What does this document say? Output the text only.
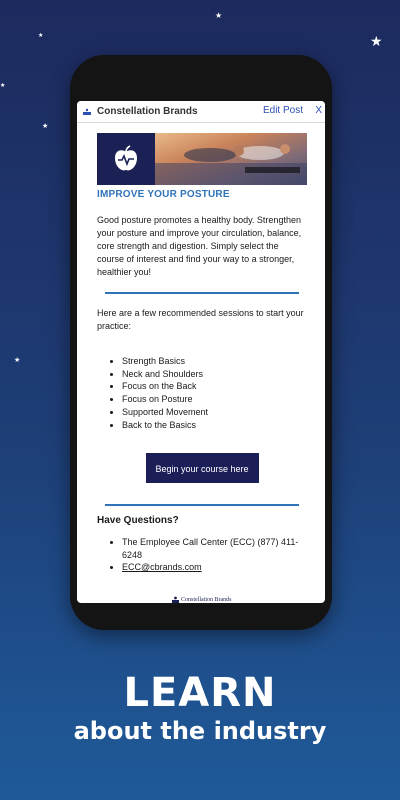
★
★
★
★
★
★
Constellation Brands	Edit Post X
IMPROVE YOUR POSTURE
Good posture promotes a healthy body. Strengthen your posture and improve your circulation, balance, core strength and digestion. Simply select the course of interest and find your way to a stronger, healthier you!
Here are a few recommended sessions to start your practice:
• Strength Basics
• Neck and Shoulders
• Focus on the Back
• Focus on Posture
• Supported Movement
• Back to the Basics
Begin your course here
Have Questions?
• The Employee Call Center (ECC) (877) 411-6248
• ECC@cbrands.com
Constellation Brands
LEARN
about the industry
